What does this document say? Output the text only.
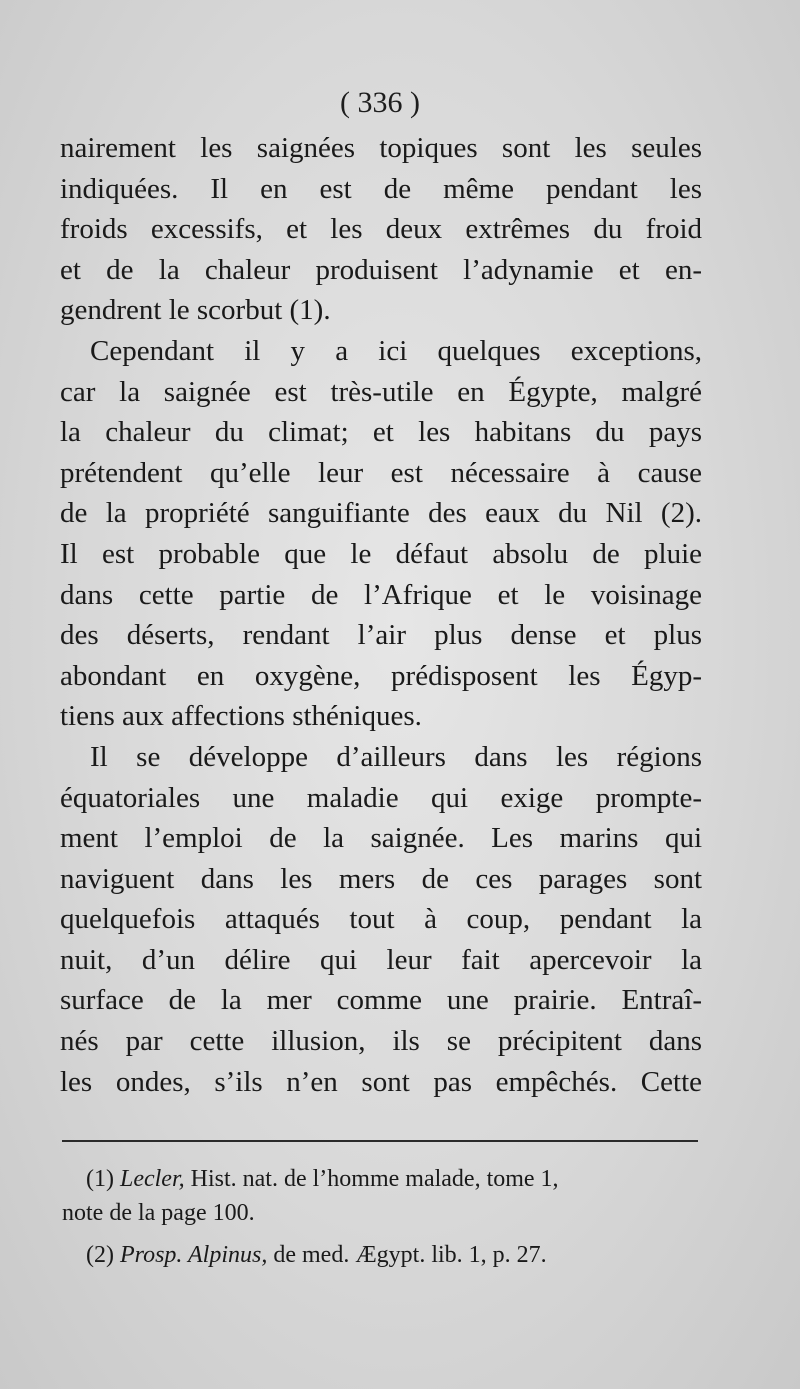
( 336 )
nairement les saignées topiques sont les seules
indiquées. Il en est de même pendant les
froids excessifs, et les deux extrêmes du froid
et de la chaleur produisent l’adynamie et en-
gendrent le scorbut (1).
Cependant il y a ici quelques exceptions,
car la saignée est très-utile en Égypte, malgré
la chaleur du climat; et les habitans du pays
prétendent qu’elle leur est nécessaire à cause
de la propriété sanguifiante des eaux du Nil (2).
Il est probable que le défaut absolu de pluie
dans cette partie de l’Afrique et le voisinage
des déserts, rendant l’air plus dense et plus
abondant en oxygène, prédisposent les Égyp-
tiens aux affections sthéniques.
Il se développe d’ailleurs dans les régions
équatoriales une maladie qui exige prompte-
ment l’emploi de la saignée. Les marins qui
naviguent dans les mers de ces parages sont
quelquefois attaqués tout à coup, pendant la
nuit, d’un délire qui leur fait apercevoir la
surface de la mer comme une prairie. Entraî-
nés par cette illusion, ils se précipitent dans
les ondes, s’ils n’en sont pas empêchés. Cette
(1) Lecler, Hist. nat. de l’homme malade, tome 1,
note de la page 100.
(2) Prosp. Alpinus, de med. Ægypt. lib. 1, p. 27.
